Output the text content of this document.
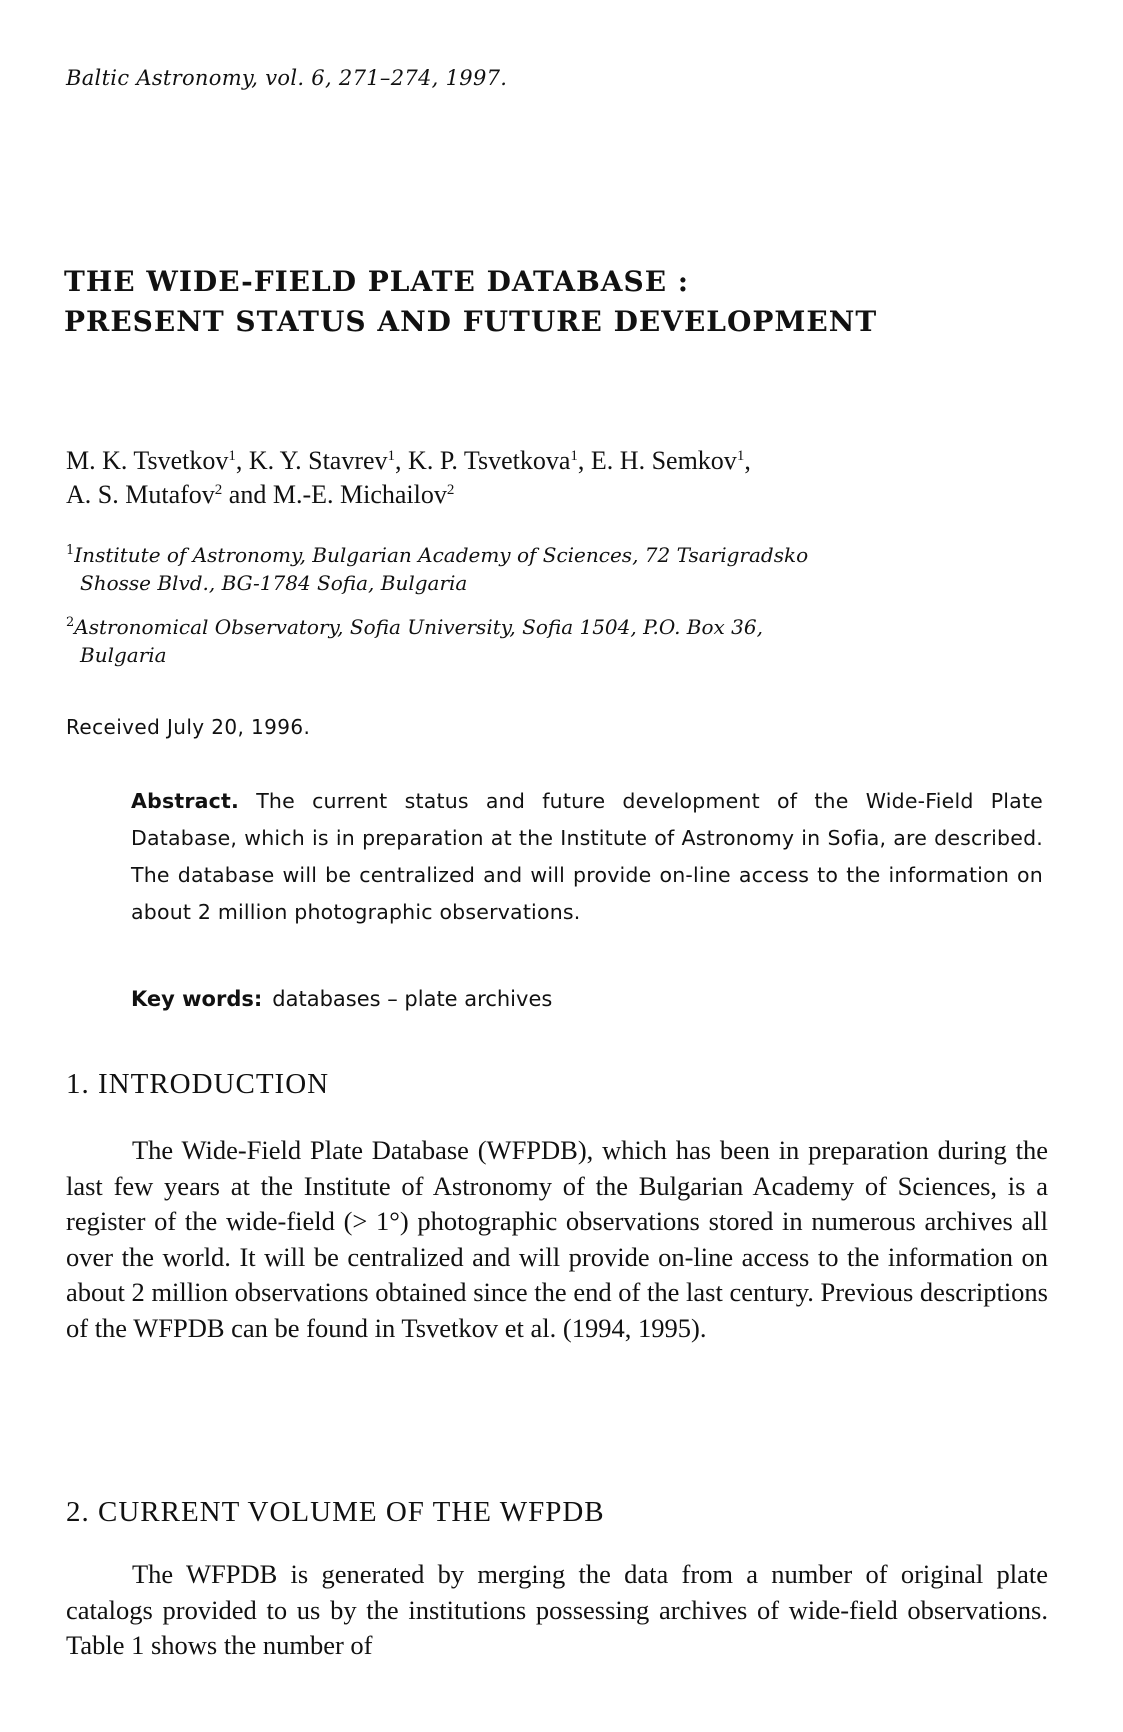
Baltic Astronomy, vol. 6, 271–274, 1997.
THE WIDE-FIELD PLATE DATABASE :
PRESENT STATUS AND FUTURE DEVELOPMENT
M. K. Tsvetkov$^1$, K. Y. Stavrev$^1$, K. P. Tsvetkova$^1$, E. H. Semkov$^1$,
A. S. Mutafov$^2$ and M.-E. Michailov$^2$
$^1$Institute of Astronomy, Bulgarian Academy of Sciences, 72 Tsarigradsko
Shosse Blvd., BG-1784 Sofia, Bulgaria
$^2$Astronomical Observatory, Sofia University, Sofia 1504, P.O. Box 36,
Bulgaria
Received July 20, 1996.

Abstract. The current status and future development of the Wide-Field Plate Database, which is in preparation at the Institute of Astronomy in Sofia, are described. The database will be centralized and will provide on-line access to the information on about 2 million photographic observations.

Key words: databases – plate archives
1. INTRODUCTION

The Wide-Field Plate Database (WFPDB), which has been in preparation during the last few years at the Institute of Astronomy of the Bulgarian Academy of Sciences, is a register of the wide-field (> 1°) photographic observations stored in numerous archives all over the world. It will be centralized and will provide on-line access to the information on about 2 million observations obtained since the end of the last century. Previous descriptions of the WFPDB can be found in Tsvetkov et al. (1994, 1995).

2. CURRENT VOLUME OF THE WFPDB

The WFPDB is generated by merging the data from a number of original plate catalogs provided to us by the institutions possessing archives of wide-field observations. Table 1 shows the number of
